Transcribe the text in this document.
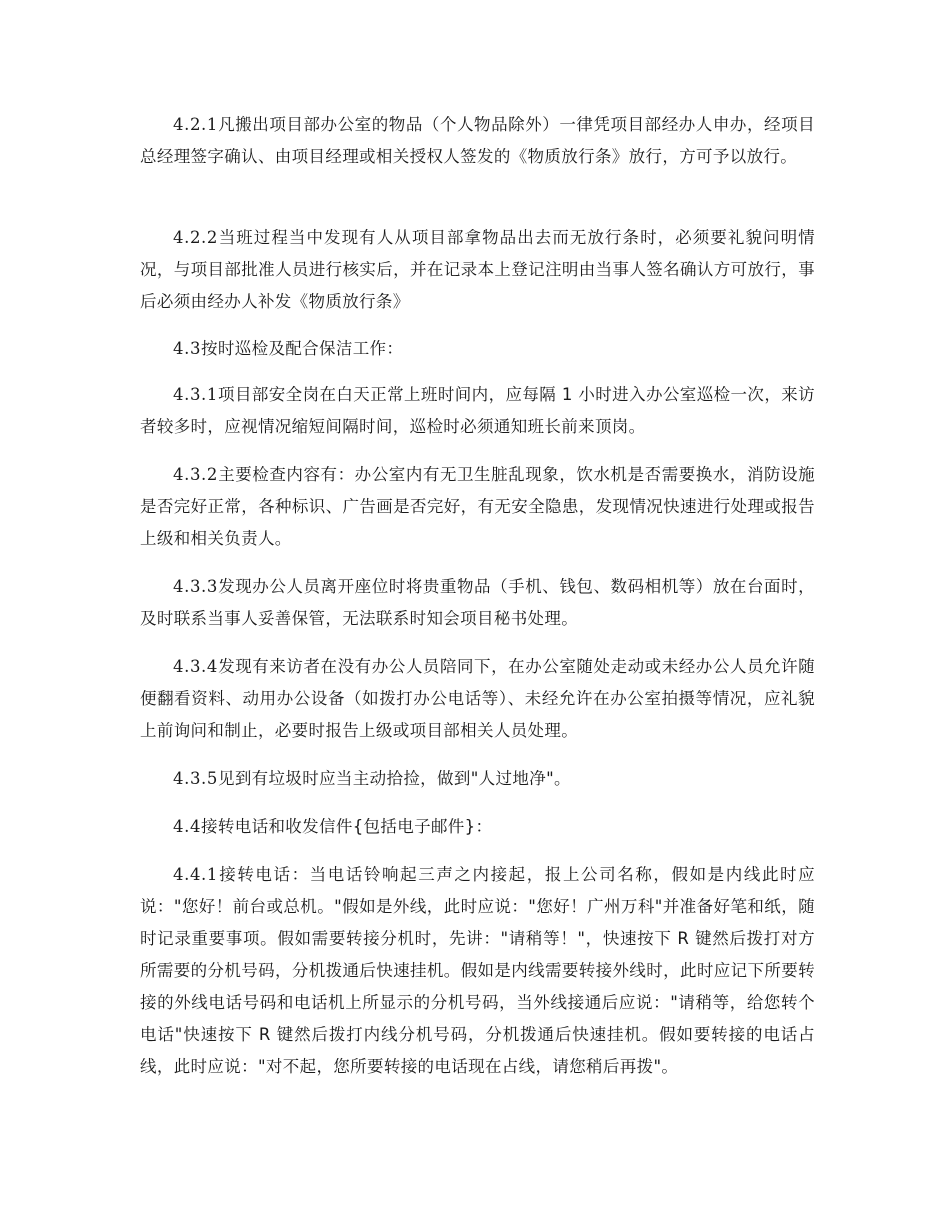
4.2.1凡搬出项目部办公室的物品（个人物品除外）一律凭项目部经办人申办，经项目总经理签字确认、由项目经理或相关授权人签发的《物质放行条》放行，方可予以放行。

4.2.2当班过程当中发现有人从项目部拿物品出去而无放行条时，必须要礼貌问明情况，与项目部批准人员进行核实后，并在记录本上登记注明由当事人签名确认方可放行，事后必须由经办人补发《物质放行条》

4.3按时巡检及配合保洁工作：

4.3.1项目部安全岗在白天正常上班时间内，应每隔 1 小时进入办公室巡检一次，来访者较多时，应视情况缩短间隔时间，巡检时必须通知班长前来顶岗。

4.3.2主要检查内容有：办公室内有无卫生脏乱现象，饮水机是否需要换水，消防设施是否完好正常，各种标识、广告画是否完好，有无安全隐患，发现情况快速进行处理或报告上级和相关负责人。

4.3.3发现办公人员离开座位时将贵重物品（手机、钱包、数码相机等）放在台面时，及时联系当事人妥善保管，无法联系时知会项目秘书处理。

4.3.4发现有来访者在没有办公人员陪同下，在办公室随处走动或未经办公人员允许随便翻看资料、动用办公设备（如拨打办公电话等）、未经允许在办公室拍摄等情况，应礼貌上前询问和制止，必要时报告上级或项目部相关人员处理。

4.3.5见到有垃圾时应当主动拾捡，做到"人过地净"。

4.4接转电话和收发信件{包括电子邮件}：

4.4.1接转电话：当电话铃响起三声之内接起，报上公司名称，假如是内线此时应说："您好！前台或总机。"假如是外线，此时应说："您好！广州万科"并准备好笔和纸，随时记录重要事项。假如需要转接分机时，先讲："请稍等！"，快速按下 R 键然后拨打对方所需要的分机号码，分机拨通后快速挂机。假如是内线需要转接外线时，此时应记下所要转接的外线电话号码和电话机上所显示的分机号码，当外线接通后应说："请稍等，给您转个电话"快速按下 R 键然后拨打内线分机号码，分机拨通后快速挂机。假如要转接的电话占线，此时应说："对不起，您所要转接的电话现在占线，请您稍后再拨"。
